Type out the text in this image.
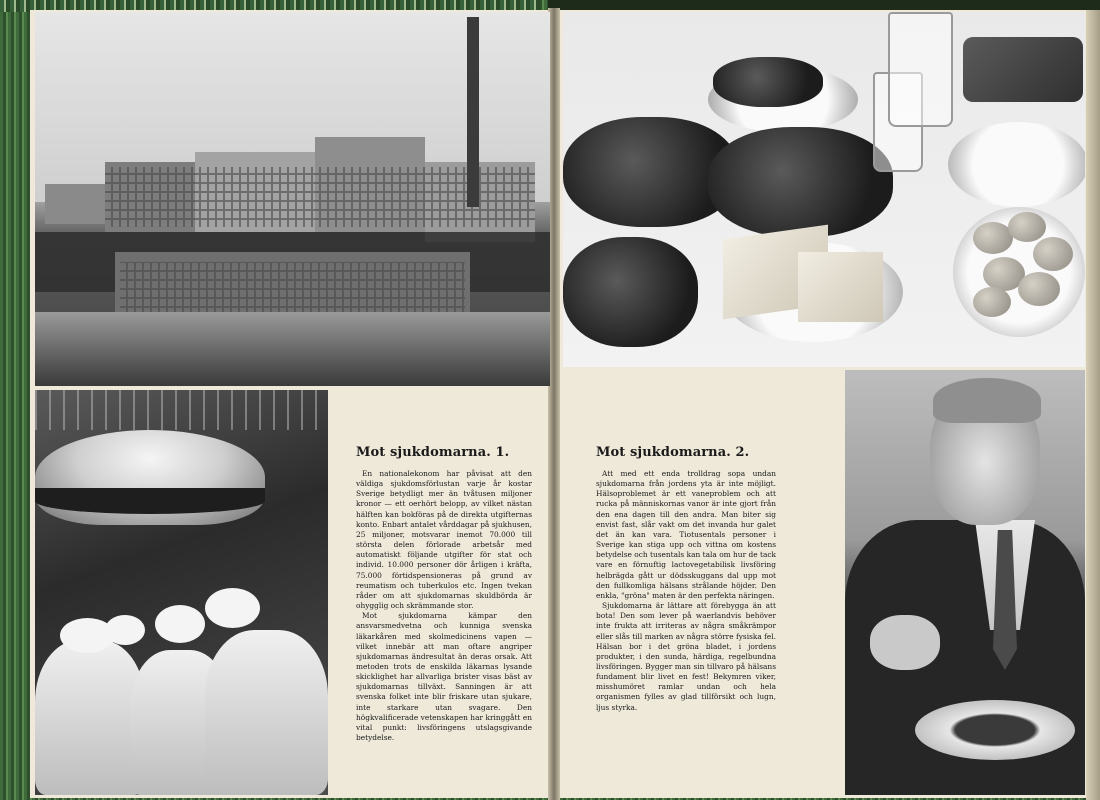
Mot sjukdomarna. 1.

En nationalekonom har påvisat att den väldiga sjukdomsförlustan varje år kostar Sverige betydligt mer än tvåtusen miljoner kronor — ett oerhört belopp, av vilket nästan hälften kan bokföras på de direkta utgifternas konto. Enbart antalet vårddagar på sjukhusen, 25 miljoner, motsvarar inemot 70.000 till största delen förlorade arbetsår med automatiskt följande utgifter för stat och individ. 10.000 personer dör årligen i kräfta, 75.000 förtidspensioneras på grund av reumatism och tuberkulos etc. Ingen tvekan råder om att sjukdomarnas skuldbörda är ohygglig och skrämmande stor.

Mot sjukdomarna kämpar den ansvarsmedvetna och kunniga svenska läkarkåren med skolmedicinens vapen — vilket innebär att man oftare angriper sjukdomarnas ändresultat än deras orsak. Att metoden trots de enskilda läkarnas lysande skicklighet har allvarliga brister visas bäst av sjukdomarnas tillväxt. Sanningen är att svenska folket inte blir friskare utan sjukare, inte starkare utan svagare. Den högkvalificerade vetenskapen har kringgått en vital punkt: livsföringens utslagsgivande betydelse.

Mot sjukdomarna. 2.

Att med ett enda trolldrag sopa undan sjukdomarna från jordens yta är inte möjligt. Hälsoproblemet är ett vaneproblem och att rucka på människornas vanor är inte gjort från den ena dagen till den andra. Man biter sig envist fast, slår vakt om det invanda hur galet det än kan vara. Tiotusentals personer i Sverige kan stiga upp och vittna om kostens betydelse och tusentals kan tala om hur de tack vare en förnuftig lactovegetabilisk livsföring helbrägda gått ur dödsskuggans dal upp mot den fullkomliga hälsans strålande höjder. Den enkla, "gröna" maten är den perfekta näringen.

Sjukdomarna är lättare att förebygga än att bota! Den som lever på waerlandvis behöver inte frukta att irriteras av några småkrämpor eller slås till marken av några större fysiska fel. Hälsan bor i det gröna bladet, i jordens produkter, i den sunda, härdiga, regelbundna livsföringen. Bygger man sin tillvaro på hälsans fundament blir livet en fest! Bekymren viker, misshumöret ramlar undan och hela organismen fylles av glad tillförsikt och lugn, ljus styrka.
